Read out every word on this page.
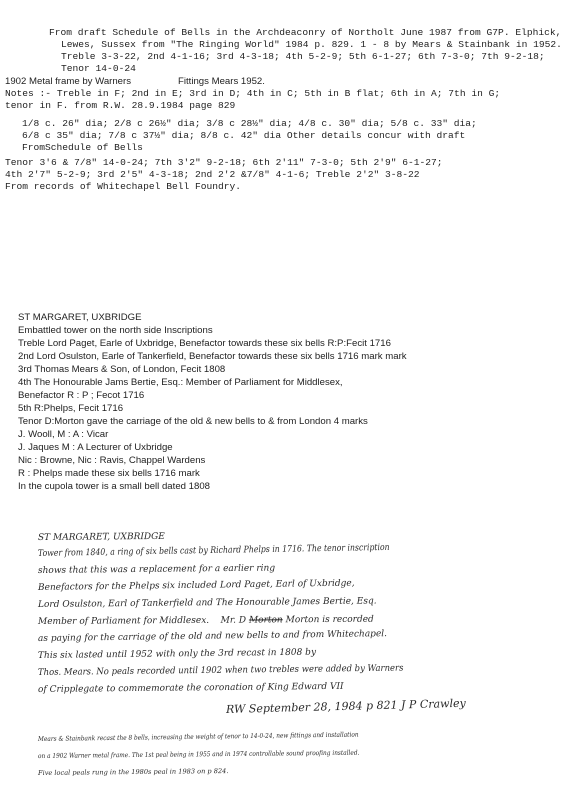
From draft Schedule of Bells in the Archdeaconry of Northolt June 1987 from G7P. Elphick,
Lewes, Sussex from "The Ringing World" 1984 p. 829. 1 - 8 by Mears & Stainbank in 1952.
Treble 3-3-22, 2nd 4-1-16; 3rd 4-3-18; 4th 5-2-9; 5th 6-1-27; 6th 7-3-0; 7th 9-2-18;
Tenor 14-0-24
1902 Metal frame by Warners	Fittings Mears 1952.
Notes :- Treble in F; 2nd in E; 3rd in D; 4th in C; 5th in B flat; 6th in A; 7th in G;
tenor in F. from R.W. 28.9.1984 page 829
1/8 c. 26" dia; 2/8 c 26½" dia; 3/8 c 28½" dia; 4/8 c. 30" dia; 5/8 c. 33" dia;
6/8 c 35" dia; 7/8 c 37½" dia; 8/8 c. 42" dia Other details concur with draft
FromSchedule of Bells
Tenor 3'6 & 7/8" 14-0-24; 7th 3'2" 9-2-18; 6th 2'11" 7-3-0; 5th 2'9" 6-1-27;
4th 2'7" 5-2-9; 3rd 2'5" 4-3-18; 2nd 2'2 &7/8" 4-1-6; Treble 2'2" 3-8-22
From records of Whitechapel Bell Foundry.
ST MARGARET, UXBRIDGE
Embattled tower on the north side Inscriptions
Treble Lord Paget, Earle of Uxbridge, Benefactor towards these six bells R:P:Fecit 1716
2nd Lord Osulston, Earle of Tankerfield, Benefactor towards these six bells 1716 mark mark
3rd Thomas Mears & Son, of London, Fecit 1808
4th The Honourable Jams Bertie, Esq.: Member of Parliament for Middlesex,
Benefactor R : P ; Fecot 1716
5th R:Phelps, Fecit 1716
Tenor D:Morton gave the carriage of the old & new bells to & from London 4 marks
J. Wooll, M : A : Vicar
J. Jaques M : A Lecturer of Uxbridge
Nic : Browne, Nic : Ravis, Chappel Wardens
R : Phelps made these six bells 1716 mark
In the cupola tower is a small bell dated 1808
ST MARGARET, UXBRIDGE
Tower from 1840, a ring of six bells cast by Richard Phelps in 1716. The tenor inscription
shows that this was a replacement for a earlier ring
Benefactors for the Phelps six included Lord Paget, Earl of Uxbridge,
Lord Osulston, Earl of Tankerfield and The Honourable James Bertie, Esq.
Member of Parliament for Middlesex. Mr. D Morton Morton is recorded
as paying for the carriage of the old and new bells to and from Whitechapel.
This six lasted until 1952 with only the 3rd recast in 1808 by
Thos. Mears. No peals recorded until 1902 when two trebles were added by Warners
of Cripplegate to commemorate the coronation of King Edward VII
RW September 28, 1984 p 821 J P Crawley
Mears & Stainbank recast the 8 bells, increasing the weight of tenor to 14-0-24, new fittings and installation
on a 1902 Warner metal frame. The 1st peal being in 1955 and in 1974 controllable sound proofing installed.
Five local peals rung in the 1980s peal in 1983 on p 824.
